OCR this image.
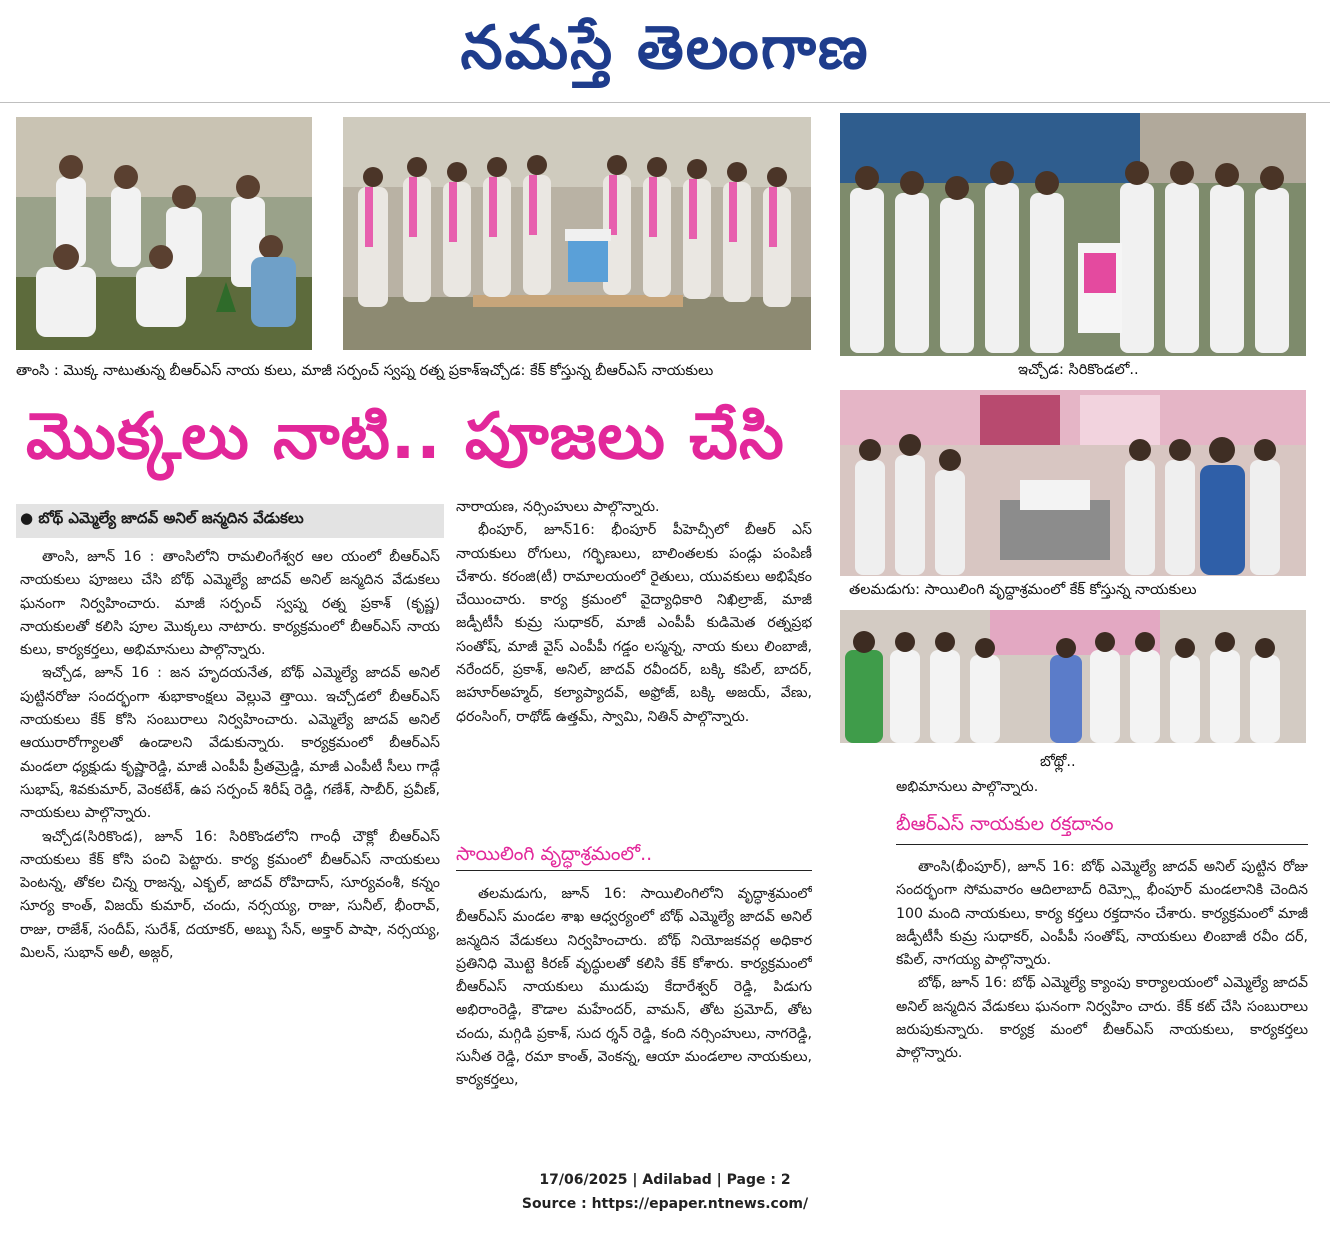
నమస్తే తెలంగాణ
తాంసి : మొక్క నాటుతున్న బీఆర్ఎస్ నాయ కులు, మాజీ సర్పంచ్ స్వప్న రత్న ప్రకాశ్ఇచ్చోడ: కేక్ కోస్తున్న బీఆర్ఎస్ నాయకులు	ఇచ్చోడ: సిరికొండలో..
తలమడుగు: సాయిలింగి వృద్ధాశ్రమంలో కేక్ కోస్తున్న నాయకులు
బోథ్లో..
మొక్కలు నాటి.. పూజలు చేసి
● బోథ్ ఎమ్మెల్యే జాదవ్ అనిల్ జన్మదిన వేడుకలు

తాంసి, జూన్ 16 : తాంసిలోని రామలింగేశ్వర ఆల యంలో బీఆర్ఎస్ నాయకులు పూజలు చేసి బోథ్ ఎమ్మెల్యే జాదవ్ అనిల్ జన్మదిన వేడుకలు ఘనంగా నిర్వహించారు. మాజీ సర్పంచ్ స్వప్న రత్న ప్రకాశ్ (కృష్ణ) నాయకులతో కలిసి పూల మొక్కలు నాటారు. కార్యక్రమంలో బీఆర్ఎస్ నాయ కులు, కార్యకర్తలు, అభిమానులు పాల్గొన్నారు.

ఇచ్చోడ, జూన్ 16 : జన హృదయనేత, బోథ్ ఎమ్మెల్యే జాదవ్ అనిల్ పుట్టినరోజు సందర్భంగా శుభాకాంక్షలు వెల్లువె త్తాయి. ఇచ్చోడలో బీఆర్ఎస్ నాయకులు కేక్ కోసి సంబురాలు నిర్వహించారు. ఎమ్మెల్యే జాదవ్ అనిల్ ఆయురారోగ్యాలతో ఉండాలని వేడుకున్నారు. కార్యక్రమంలో బీఆర్ఎస్ మండలా ధ్యక్షుడు కృష్ణారెడ్డి, మాజీ ఎంపీపీ ప్రీతమ్రెడ్డి, మాజీ ఎంపీటీ సీలు గాడ్గే సుభాష్, శివకుమార్, వెంకటేశ్, ఉప సర్పంచ్ శిరీష్ రెడ్డి, గణేశ్, సాబీర్, ప్రవీణ్, నాయకులు పాల్గొన్నారు.

ఇచ్చోడ(సిరికొండ), జూన్ 16: సిరికొండలోని గాంధీ చౌక్లో బీఆర్ఎస్ నాయకులు కేక్ కోసి పంచి పెట్టారు. కార్య క్రమంలో బీఆర్ఎస్ నాయకులు పెంటన్న, తోకల చిన్న రాజన్న, ఎక్బల్, జాదవ్ రోహిదాస్, సూర్యవంశీ, కన్నం సూర్య కాంత్, విజయ్ కుమార్, చందు, నర్సయ్య, రాజు, సునీల్, భీంరావ్, రాజు, రాజేశ్, సందీప్, సురేశ్, దయాకర్, అబ్బు సేన్, అక్తార్ పాషా, నర్సయ్య, మిలన్, సుభాన్ అలీ, అజ్గర్,

నారాయణ, నర్సింహులు పాల్గొన్నారు.

భీంపూర్, జూన్16: భీంపూర్ పీహెచ్సీలో బీఆర్ ఎస్ నాయకులు రోగులు, గర్భిణులు, బాలింతలకు పండ్లు పంపిణీ చేశారు. కరంజి(టీ) రామాలయంలో రైతులు, యువకులు అభిషేకం చేయించారు. కార్య క్రమంలో వైద్యాధికారి నిఖిల్రాజ్, మాజీ జడ్పీటీసీ కుమ్ర సుధాకర్, మాజీ ఎంపీపీ కుడిమెత రత్నప్రభ సంతోష్, మాజీ వైస్ ఎంపీపీ గడ్డం లస్మన్న, నాయ కులు లింబాజీ, నరేందర్, ప్రకాశ్, అనిల్, జాదవ్ రవీందర్, బక్కి కపిల్, బాదర్, జహూర్అహ్మద్, కల్యాప్యాదవ్, అఫ్రోజ్, బక్కి అజయ్, వేణు, ధరంసింగ్, రాథోడ్ ఉత్తమ్, స్వామి, నితిన్ పాల్గొన్నారు.

సాయిలింగి వృద్ధాశ్రమంలో..

తలమడుగు, జూన్ 16: సాయిలింగిలోని వృద్ధాశ్రమంలో బీఆర్ఎస్ మండల శాఖ ఆధ్వర్యంలో బోథ్ ఎమ్మెల్యే జాదవ్ అనిల్ జన్మదిన వేడుకలు నిర్వహించారు. బోథ్ నియోజకవర్గ అధికార ప్రతినిధి మొట్టె కిరణ్ వృద్ధులతో కలిసి కేక్ కోశారు. కార్యక్రమంలో బీఆర్ఎస్ నాయకులు ముడుపు కేదారేశ్వర్ రెడ్డి, పిడుగు అభిరాంరెడ్డి, కౌడాల మహేందర్, వామన్, తోట ప్రమోద్, తోట చందు, మగ్గిడి ప్రకాశ్, సుద ర్శన్ రెడ్డి, కంది నర్సింహులు, నాగరెడ్డి, సునీత రెడ్డి, రమా కాంత్, వెంకన్న, ఆయా మండలాల నాయకులు, కార్యకర్తలు,

అభిమానులు పాల్గొన్నారు.

బీఆర్ఎస్ నాయకుల రక్తదానం

తాంసి(భీంపూర్), జూన్ 16: బోథ్ ఎమ్మెల్యే జాదవ్ అనిల్ పుట్టిన రోజు సందర్భంగా సోమవారం ఆదిలాబాద్ రిమ్స్లో భీంపూర్ మండలానికి చెందిన 100 మంది నాయకులు, కార్య కర్తలు రక్తదానం చేశారు. కార్యక్రమంలో మాజీ జడ్పీటీసీ కుమ్ర సుధాకర్, ఎంపీపీ సంతోష్, నాయకులు లింబాజీ రవీం దర్, కపిల్, నాగయ్య పాల్గొన్నారు.

బోథ్, జూన్ 16: బోథ్ ఎమ్మెల్యే క్యాంపు కార్యాలయంలో ఎమ్మెల్యే జాదవ్ అనిల్ జన్మదిన వేడుకలు ఘనంగా నిర్వహిం చారు. కేక్ కట్ చేసి సంబురాలు జరుపుకున్నారు. కార్యక్ర మంలో బీఆర్ఎస్ నాయకులు, కార్యకర్తలు పాల్గొన్నారు.

17/06/2025 | Adilabad | Page : 2
Source : https://epaper.ntnews.com/
